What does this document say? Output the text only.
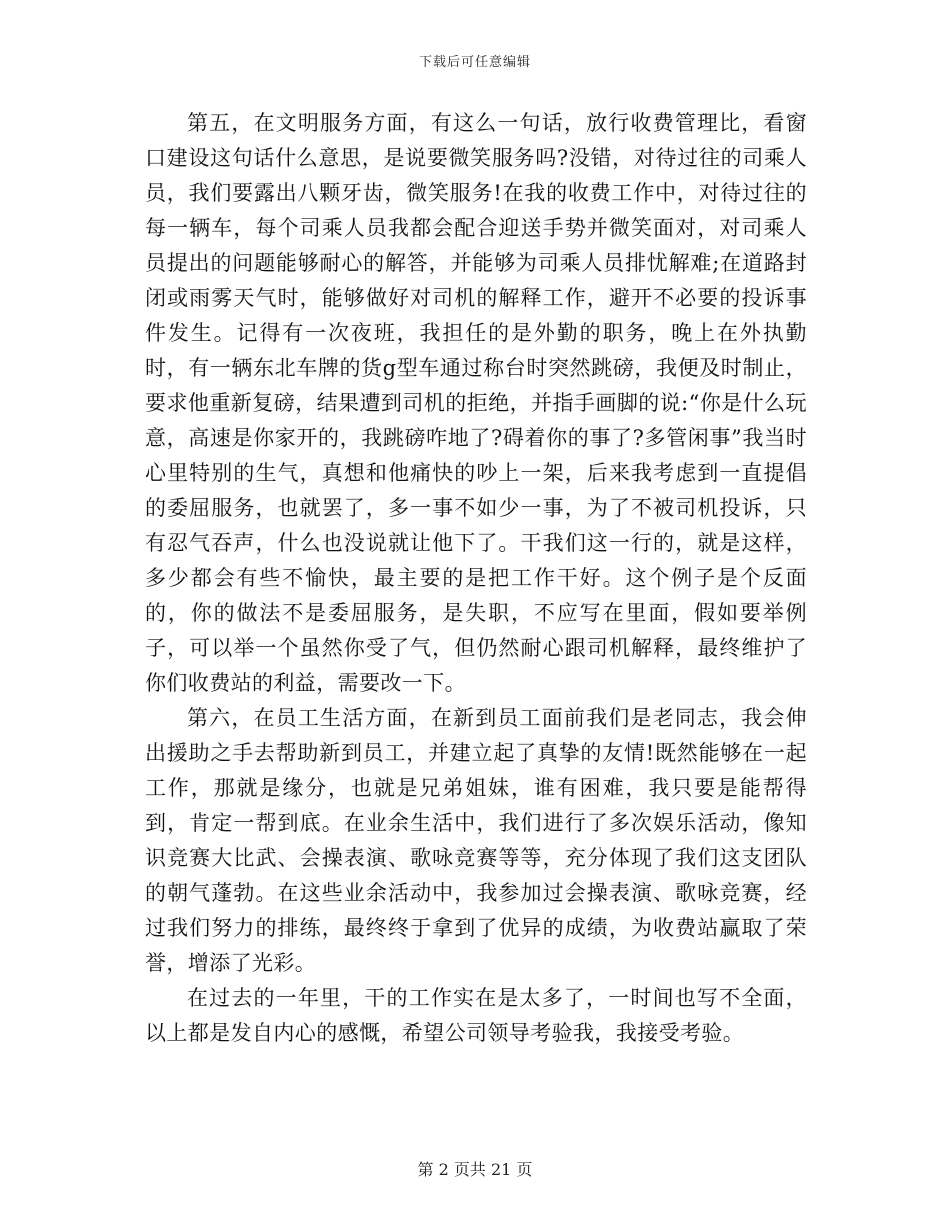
下载后可任意编辑

第五，在文明服务方面，有这么一句话，放行收费管理比，看窗口建设这句话什么意思，是说要微笑服务吗?没错，对待过往的司乘人员，我们要露出八颗牙齿，微笑服务!在我的收费工作中，对待过往的每一辆车，每个司乘人员我都会配合迎送手势并微笑面对，对司乘人员提出的问题能够耐心的解答，并能够为司乘人员排忧解难;在道路封闭或雨雾天气时，能够做好对司机的解释工作，避开不必要的投诉事件发生。记得有一次夜班，我担任的是外勤的职务，晚上在外执勤时，有一辆东北车牌的货g型车通过称台时突然跳磅，我便及时制止，要求他重新复磅，结果遭到司机的拒绝，并指手画脚的说:“你是什么玩意，高速是你家开的，我跳磅咋地了?碍着你的事了?多管闲事”我当时心里特别的生气，真想和他痛快的吵上一架，后来我考虑到一直提倡的委屈服务，也就罢了，多一事不如少一事，为了不被司机投诉，只有忍气吞声，什么也没说就让他下了。干我们这一行的，就是这样，多少都会有些不愉快，最主要的是把工作干好。这个例子是个反面的，你的做法不是委屈服务，是失职，不应写在里面，假如要举例子，可以举一个虽然你受了气，但仍然耐心跟司机解释，最终维护了你们收费站的利益，需要改一下。

第六，在员工生活方面，在新到员工面前我们是老同志，我会伸出援助之手去帮助新到员工，并建立起了真挚的友情!既然能够在一起工作，那就是缘分，也就是兄弟姐妹，谁有困难，我只要是能帮得到，肯定一帮到底。在业余生活中，我们进行了多次娱乐活动，像知识竞赛大比武、会操表演、歌咏竞赛等等，充分体现了我们这支团队的朝气蓬勃。在这些业余活动中，我参加过会操表演、歌咏竞赛，经过我们努力的排练，最终终于拿到了优异的成绩，为收费站赢取了荣誉，增添了光彩。

在过去的一年里，干的工作实在是太多了，一时间也写不全面，以上都是发自内心的感慨，希望公司领导考验我，我接受考验。

第 2 页共 21 页
